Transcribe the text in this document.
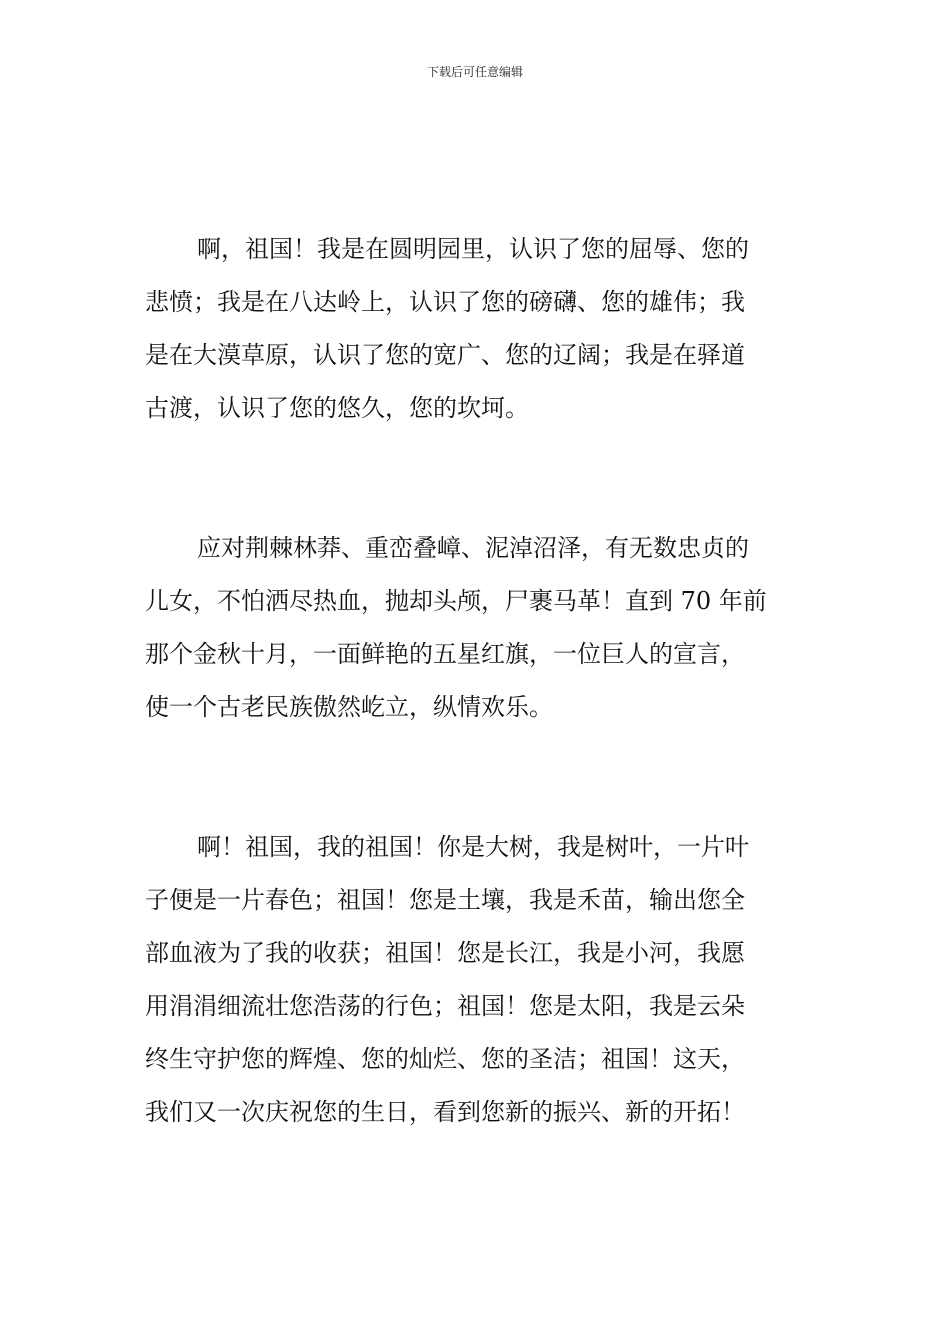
下载后可任意编辑
啊，祖国！我是在圆明园里，认识了您的屈辱、您的
悲愤；我是在八达岭上，认识了您的磅礴、您的雄伟；我
是在大漠草原，认识了您的宽广、您的辽阔；我是在驿道
古渡，认识了您的悠久，您的坎坷。
应对荆棘林莽、重峦叠嶂、泥淖沼泽，有无数忠贞的
儿女，不怕洒尽热血，抛却头颅，尸裹马革！直到 70 年前
那个金秋十月，一面鲜艳的五星红旗，一位巨人的宣言，
使一个古老民族傲然屹立，纵情欢乐。
啊！祖国，我的祖国！你是大树，我是树叶，一片叶
子便是一片春色；祖国！您是土壤，我是禾苗，输出您全
部血液为了我的收获；祖国！您是长江，我是小河，我愿
用涓涓细流壮您浩荡的行色；祖国！您是太阳，我是云朵
终生守护您的辉煌、您的灿烂、您的圣洁；祖国！这天，
我们又一次庆祝您的生日，看到您新的振兴、新的开拓！
